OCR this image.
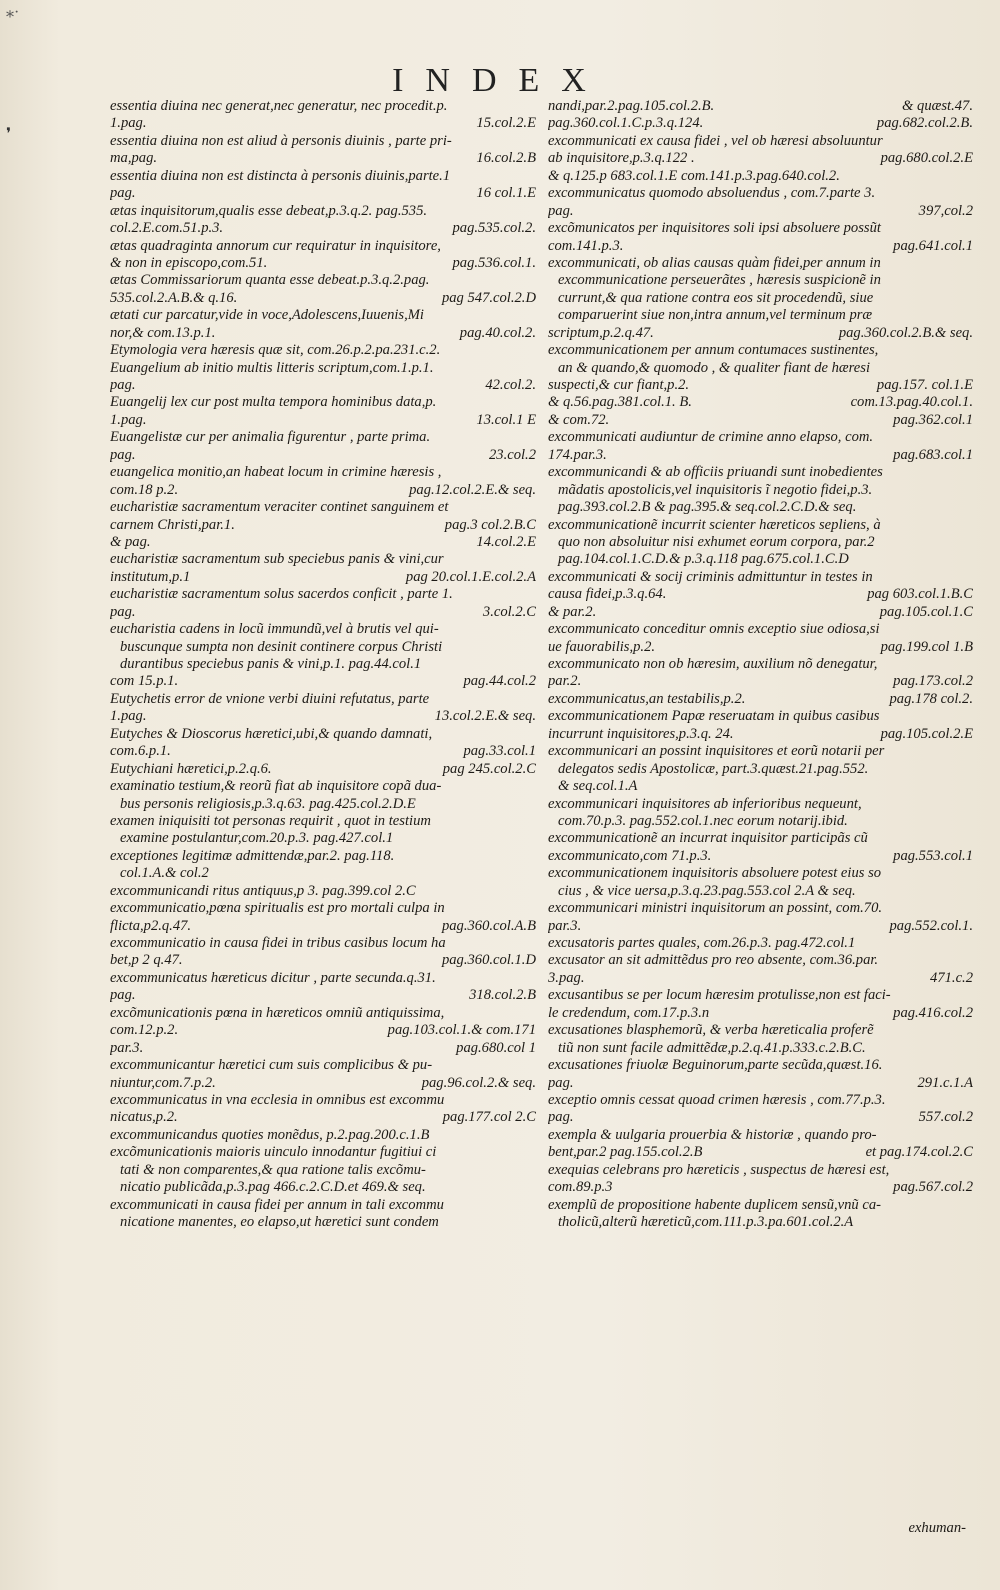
⁎·
❜
INDEX
essentia diuina nec generat,nec generatur, nec procedit.p.
1.pag.	15.col.2.E
essentia diuina non est aliud à personis diuinis , parte pri-
ma,pag.	16.col.2.B
essentia diuina non est distincta à personis diuinis,parte.1
pag.	16 col.1.E
ætas inquisitorum,qualis esse debeat,p.3.q.2. pag.535.
col.2.E.com.51.p.3.	pag.535.col.2.
ætas quadraginta annorum cur requiratur in inquisitore,
& non in episcopo,com.51.	pag.536.col.1.
ætas Commissariorum quanta esse debeat.p.3.q.2.pag.
535.col.2.A.B.& q.16.	pag 547.col.2.D
ætati cur parcatur,vide in voce,Adolescens,Iuuenis,Mi
nor,& com.13.p.1.	pag.40.col.2.
Etymologia vera hæresis quæ sit, com.26.p.2.pa.231.c.2.
Euangelium ab initio multis litteris scriptum,com.1.p.1.
pag.	42.col.2.
Euangelij lex cur post multa tempora hominibus data,p.
1.pag.	13.col.1 E
Euangelistæ cur per animalia figurentur , parte prima.
pag.	23.col.2
euangelica monitio,an habeat locum in crimine hæresis ,
com.18 p.2.	pag.12.col.2.E.& seq.
eucharistiæ sacramentum veraciter continet sanguinem et
carnem Christi,par.1.	pag.3 col.2.B.C
& pag.	14.col.2.E
eucharistiæ sacramentum sub speciebus panis & vini,cur
institutum,p.1	pag 20.col.1.E.col.2.A
eucharistiæ sacramentum solus sacerdos conficit , parte 1.
pag.	3.col.2.C
eucharistia cadens in locũ immundũ,vel à brutis vel qui-
buscunque sumpta non desinit continere corpus Christi
durantibus speciebus panis & vini,p.1. pag.44.col.1
com 15.p.1.	pag.44.col.2
Eutychetis error de vnione verbi diuini refutatus, parte
1.pag.	13.col.2.E.& seq.
Eutyches & Dioscorus hæretici,ubi,& quando damnati,
com.6.p.1.	pag.33.col.1
Eutychiani hæretici,p.2.q.6.	pag 245.col.2.C
examinatio testium,& reorũ fiat ab inquisitore copã dua-
bus personis religiosis,p.3.q.63. pag.425.col.2.D.E
examen iniquisiti tot personas requirit , quot in testium
examine postulantur,com.20.p.3. pag.427.col.1
exceptiones legitimæ admittendæ,par.2. pag.118.
col.1.A.& col.2
excommunicandi ritus antiquus,p 3. pag.399.col 2.C
excommunicatio,pœna spiritualis est pro mortali culpa in
flicta,p2.q.47.	pag.360.col.A.B
excommunicatio in causa fidei in tribus casibus locum ha
bet,p 2 q.47.	pag.360.col.1.D
excommunicatus hæreticus dicitur , parte secunda.q.31.
pag.	318.col.2.B
excõmunicationis pœna in hæreticos omniũ antiquissima,
com.12.p.2.	pag.103.col.1.& com.171
par.3.	pag.680.col 1
excommunicantur hæretici cum suis complicibus & pu-
niuntur,com.7.p.2.	pag.96.col.2.& seq.
excommunicatus in vna ecclesia in omnibus est excommu
nicatus,p.2.	pag.177.col 2.C
excommunicandus quoties monẽdus, p.2.pag.200.c.1.B
excõmunicationis maioris uinculo innodantur fugitiui ci
tati & non comparentes,& qua ratione talis excõmu-
nicatio publicãda,p.3.pag 466.c.2.C.D.et 469.& seq.
excommunicati in causa fidei per annum in tali excommu
nicatione manentes, eo elapso,ut hæretici sunt condem
nandi,par.2.pag.105.col.2.B.	& quæst.47.
pag.360.col.1.C.p.3.q.124.	pag.682.col.2.B.
excommunicati ex causa fidei , vel ob hæresi absoluuntur
ab inquisitore,p.3.q.122 .	pag.680.col.2.E
& q.125.p 683.col.1.E com.141.p.3.pag.640.col.2.
excommunicatus quomodo absoluendus , com.7.parte 3.
pag.	397,col.2
excõmunicatos per inquisitores soli ipsi absoluere possũt
com.141.p.3.	pag.641.col.1
excommunicati, ob alias causas quàm fidei,per annum in
excommunicatione perseuerãtes , hæresis suspicionẽ in
currunt,& qua ratione contra eos sit procedendũ, siue
comparuerint siue non,intra annum,vel terminum præ
scriptum,p.2.q.47.	pag.360.col.2.B.& seq.
excommunicationem per annum contumaces sustinentes,
an & quando,& quomodo , & qualiter fiant de hæresi
suspecti,& cur fiant,p.2.	pag.157. col.1.E
& q.56.pag.381.col.1. B.	com.13.pag.40.col.1.
& com.72.	pag.362.col.1
excommunicati audiuntur de crimine anno elapso, com.
174.par.3.	pag.683.col.1
excommunicandi & ab officiis priuandi sunt inobedientes
mãdatis apostolicis,vel inquisitoris ĩ negotio fidei,p.3.
pag.393.col.2.B & pag.395.& seq.col.2.C.D.& seq.
excommunicationẽ incurrit scienter hæreticos sepliens, à
quo non absoluitur nisi exhumet eorum corpora, par.2
pag.104.col.1.C.D.& p.3.q.118 pag.675.col.1.C.D
excommunicati & socij criminis admittuntur in testes in
causa fidei,p.3.q.64.	pag 603.col.1.B.C
& par.2.	pag.105.col.1.C
excommunicato conceditur omnis exceptio siue odiosa,si
ue fauorabilis,p.2.	pag.199.col 1.B
excommunicato non ob hæresim, auxilium nõ denegatur,
par.2.	pag.173.col.2
excommunicatus,an testabilis,p.2.	pag.178 col.2.
excommunicationem Papæ reseruatam in quibus casibus
incurrunt inquisitores,p.3.q. 24.	pag.105.col.2.E
excommunicari an possint inquisitores et eorũ notarii per
delegatos sedis Apostolicæ, part.3.quæst.21.pag.552.
& seq.col.1.A
excommunicari inquisitores ab inferioribus nequeunt,
com.70.p.3. pag.552.col.1.nec eorum notarij.ibid.
excommunicationẽ an incurrat inquisitor participãs cũ
excommunicato,com 71.p.3.	pag.553.col.1
excommunicationem inquisitoris absoluere potest eius so
cius , & vice uersa,p.3.q.23.pag.553.col 2.A & seq.
excommunicari ministri inquisitorum an possint, com.70.
par.3.	pag.552.col.1.
excusatoris partes quales, com.26.p.3. pag.472.col.1
excusator an sit admittẽdus pro reo absente, com.36.par.
3.pag.	471.c.2
excusantibus se per locum hæresim protulisse,non est faci-
le credendum, com.17.p.3.n	pag.416.col.2
excusationes blasphemorũ, & verba hæreticalia proferẽ
tiũ non sunt facile admittẽdæ,p.2.q.41.p.333.c.2.B.C.
excusationes friuolæ Beguinorum,parte secũda,quæst.16.
pag.	291.c.1.A
exceptio omnis cessat quoad crimen hæresis , com.77.p.3.
pag.	557.col.2
exempla & uulgaria prouerbia & historiæ , quando pro-
bent,par.2 pag.155.col.2.B	et pag.174.col.2.C
exequias celebrans pro hæreticis , suspectus de hæresi est,
com.89.p.3	pag.567.col.2
exemplũ de propositione habente duplicem sensũ,vnũ ca-
tholicũ,alterũ hæreticũ,com.111.p.3.pa.601.col.2.A
exhuman-
